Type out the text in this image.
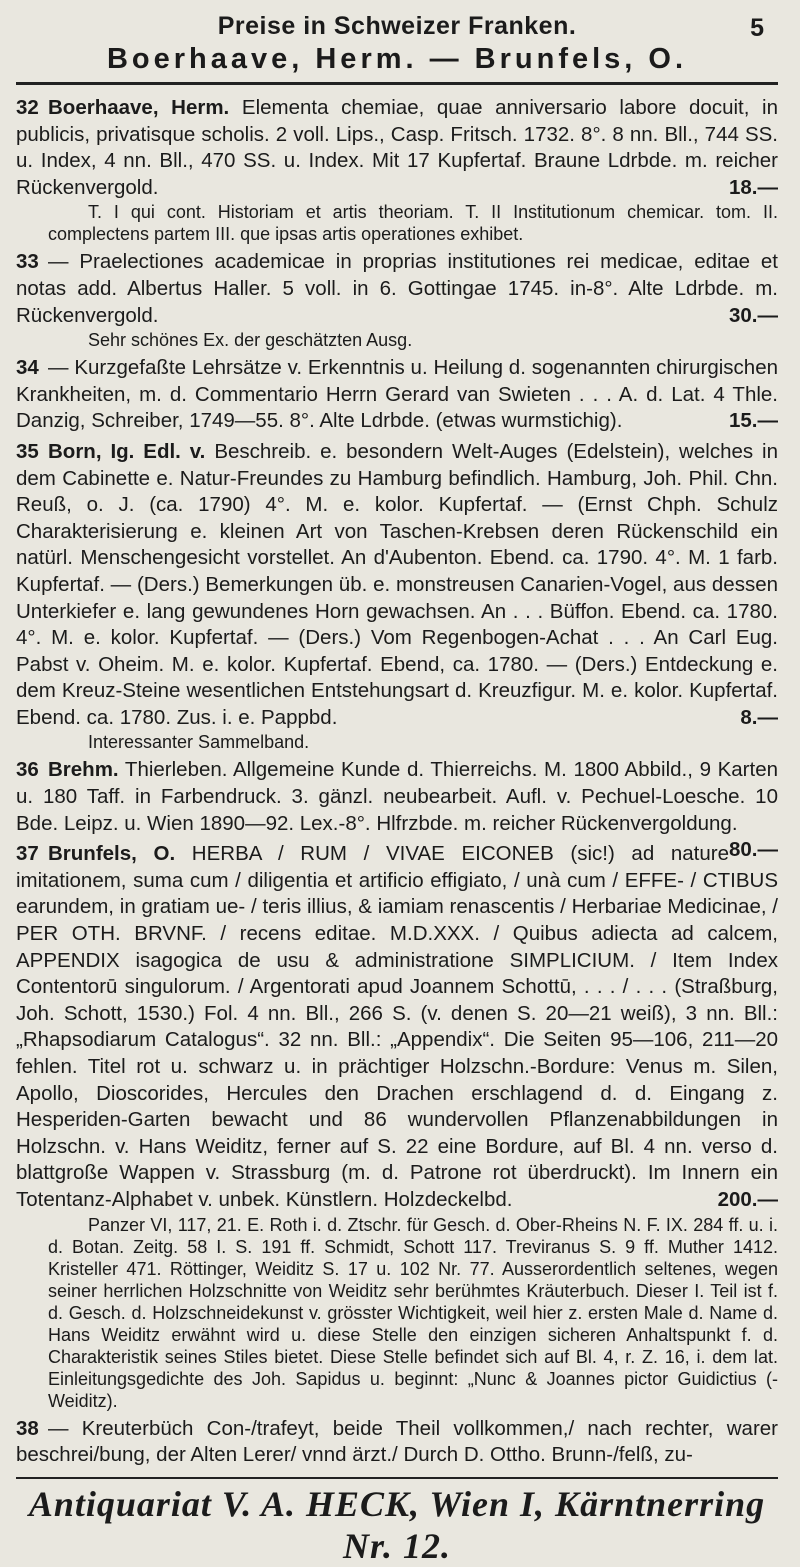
Preise in Schweizer Franken.	5
Boerhaave, Herm. — Brunfels, O.
32 Boerhaave, Herm. Elementa chemiae, quae anniversario labore docuit, in publicis, privatisque scholis. 2 voll. Lips., Casp. Fritsch. 1732. 8°. 8 nn. Bll., 744 SS. u. Index, 4 nn. Bll., 470 SS. u. Index. Mit 17 Kupfertaf. Braune Ldrbde. m. reicher Rückenvergold.	18.—
T. I qui cont. Historiam et artis theoriam. T. II Institutionum chemicar. tom. II. complectens partem III. que ipsas artis operationes exhibet.
33 — Praelectiones academicae in proprias institutiones rei medicae, editae et notas add. Albertus Haller. 5 voll. in 6. Gottingae 1745. in-8°. Alte Ldrbde. m. Rückenvergold.	30.—
Sehr schönes Ex. der geschätzten Ausg.
34 — Kurzgefaßte Lehrsätze v. Erkenntnis u. Heilung d. sogenannten chirurgischen Krankheiten, m. d. Commentario Herrn Gerard van Swieten . . . A. d. Lat. 4 Thle. Danzig, Schreiber, 1749—55. 8°. Alte Ldrbde. (etwas wurmstichig).	15.—
35 Born, Ig. Edl. v. Beschreib. e. besondern Welt-Auges (Edelstein), welches in dem Cabinette e. Natur-Freundes zu Hamburg befindlich. Hamburg, Joh. Phil. Chn. Reuß, o. J. (ca. 1790) 4°. M. e. kolor. Kupfertaf. — (Ernst Chph. Schulz Charakterisierung e. kleinen Art von Taschen-Krebsen deren Rückenschild ein natürl. Menschengesicht vorstellet. An d'Aubenton. Ebend. ca. 1790. 4°. M. 1 farb. Kupfertaf. — (Ders.) Bemerkungen üb. e. monstreusen Canarien-Vogel, aus dessen Unterkiefer e. lang gewundenes Horn gewachsen. An . . . Büffon. Ebend. ca. 1780. 4°. M. e. kolor. Kupfertaf. — (Ders.) Vom Regenbogen-Achat . . . An Carl Eug. Pabst v. Oheim. M. e. kolor. Kupfertaf. Ebend, ca. 1780. — (Ders.) Entdeckung e. dem Kreuz-Steine wesentlichen Entstehungsart d. Kreuzfigur. M. e. kolor. Kupfertaf. Ebend. ca. 1780. Zus. i. e. Pappbd.	8.—
Interessanter Sammelband.
36 Brehm. Thierleben. Allgemeine Kunde d. Thierreichs. M. 1800 Abbild., 9 Karten u. 180 Taff. in Farbendruck. 3. gänzl. neubearbeit. Aufl. v. Pechuel-Loesche. 10 Bde. Leipz. u. Wien 1890—92. Lex.-8°. Hlfrzbde. m. reicher Rückenvergoldung.
80.—
37 Brunfels, O. HERBA / RUM / VIVAE EICONEB (sic!) ad nature imitationem, suma cum / diligentia et artificio effigiato, / unà cum / EFFE- / CTIBUS earundem, in gratiam ue- / teris illius, & iamiam renascentis / Herbariae Medicinae, / PER OTH. BRVNF. / recens editae. M.D.XXX. / Quibus adiecta ad calcem, APPENDIX isagogica de usu & administratione SIMPLICIUM. / Item Index Contentorū singulorum. / Argentorati apud Joannem Schottū, . . . / . . . (Straßburg, Joh. Schott, 1530.) Fol. 4 nn. Bll., 266 S. (v. denen S. 20—21 weiß), 3 nn. Bll.: „Rhapsodiarum Catalogus“. 32 nn. Bll.: „Appendix“. Die Seiten 95—106, 211—20 fehlen. Titel rot u. schwarz u. in prächtiger Holzschn.-Bordure: Venus m. Silen, Apollo, Dioscorides, Hercules den Drachen erschlagend d. d. Eingang z. Hesperiden-Garten bewacht und 86 wundervollen Pflanzenabbildungen in Holzschn. v. Hans Weiditz, ferner auf S. 22 eine Bordure, auf Bl. 4 nn. verso d. blattgroße Wappen v. Strassburg (m. d. Patrone rot überdruckt). Im Innern ein Totentanz-Alphabet v. unbek. Künstlern. Holzdeckelbd.	200.—
Panzer VI, 117, 21. E. Roth i. d. Ztschr. für Gesch. d. Ober-Rheins N. F. IX. 284 ff. u. i. d. Botan. Zeitg. 58 I. S. 191 ff. Schmidt, Schott 117. Treviranus S. 9 ff. Muther 1412. Kristeller 471. Röttinger, Weiditz S. 17 u. 102 Nr. 77. Ausserordentlich seltenes, wegen seiner herrlichen Holzschnitte von Weiditz sehr berühmtes Kräuterbuch. Dieser I. Teil ist f. d. Gesch. d. Holzschneidekunst v. grösster Wichtigkeit, weil hier z. ersten Male d. Name d. Hans Weiditz erwähnt wird u. diese Stelle den einzigen sicheren Anhaltspunkt f. d. Charakteristik seines Stiles bietet. Diese Stelle befindet sich auf Bl. 4, r. Z. 16, i. dem lat. Einleitungsgedichte des Joh. Sapidus u. beginnt: „Nunc & Joannes pictor Guidictius (-Weiditz).
38 — Kreuterbüch Con-/trafeyt, beide Theil vollkommen,/ nach rechter, warer beschrei/bung, der Alten Lerer/ vnnd ärzt./ Durch D. Ottho. Brunn-/felß, zu-
Antiquariat V. A. HECK, Wien I, Kärntnerring Nr. 12.
